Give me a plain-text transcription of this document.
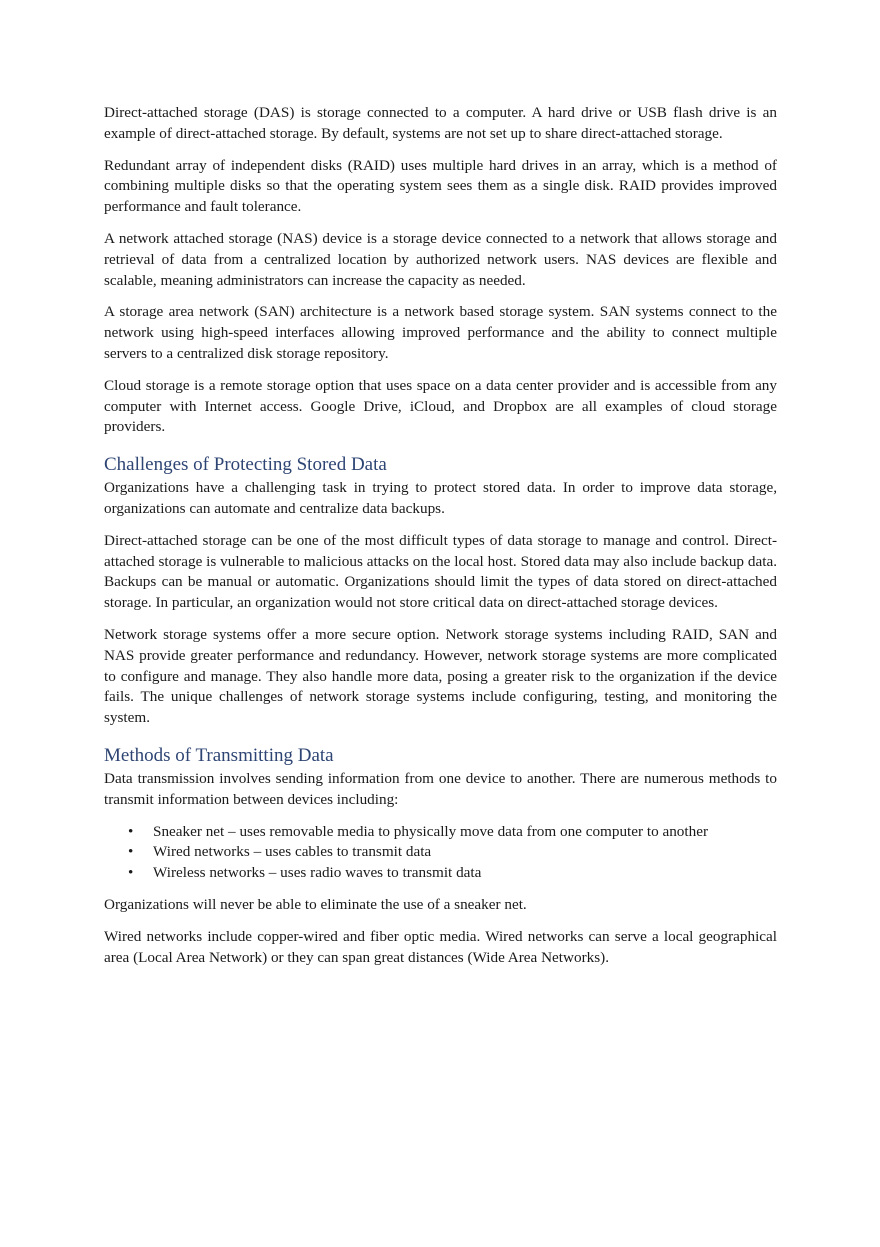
Direct-attached storage (DAS) is storage connected to a computer. A hard drive or USB flash drive is an example of direct-attached storage. By default, systems are not set up to share direct-attached storage.

Redundant array of independent disks (RAID) uses multiple hard drives in an array, which is a method of combining multiple disks so that the operating system sees them as a single disk. RAID provides improved performance and fault tolerance.

A network attached storage (NAS) device is a storage device connected to a network that allows storage and retrieval of data from a centralized location by authorized network users. NAS devices are flexible and scalable, meaning administrators can increase the capacity as needed.

A storage area network (SAN) architecture is a network based storage system. SAN systems connect to the network using high-speed interfaces allowing improved performance and the ability to connect multiple servers to a centralized disk storage repository.

Cloud storage is a remote storage option that uses space on a data center provider and is accessible from any computer with Internet access. Google Drive, iCloud, and Dropbox are all examples of cloud storage providers.

Challenges of Protecting Stored Data

Organizations have a challenging task in trying to protect stored data. In order to improve data storage, organizations can automate and centralize data backups.

Direct-attached storage can be one of the most difficult types of data storage to manage and control. Direct-attached storage is vulnerable to malicious attacks on the local host. Stored data may also include backup data. Backups can be manual or automatic. Organizations should limit the types of data stored on direct-attached storage. In particular, an organization would not store critical data on direct-attached storage devices.

Network storage systems offer a more secure option. Network storage systems including RAID, SAN and NAS provide greater performance and redundancy. However, network storage systems are more complicated to configure and manage. They also handle more data, posing a greater risk to the organization if the device fails. The unique challenges of network storage systems include configuring, testing, and monitoring the system.

Methods of Transmitting Data

Data transmission involves sending information from one device to another. There are numerous methods to transmit information between devices including:

• Sneaker net – uses removable media to physically move data from one computer to another
• Wired networks – uses cables to transmit data
• Wireless networks – uses radio waves to transmit data

Organizations will never be able to eliminate the use of a sneaker net.

Wired networks include copper-wired and fiber optic media. Wired networks can serve a local geographical area (Local Area Network) or they can span great distances (Wide Area Networks).
